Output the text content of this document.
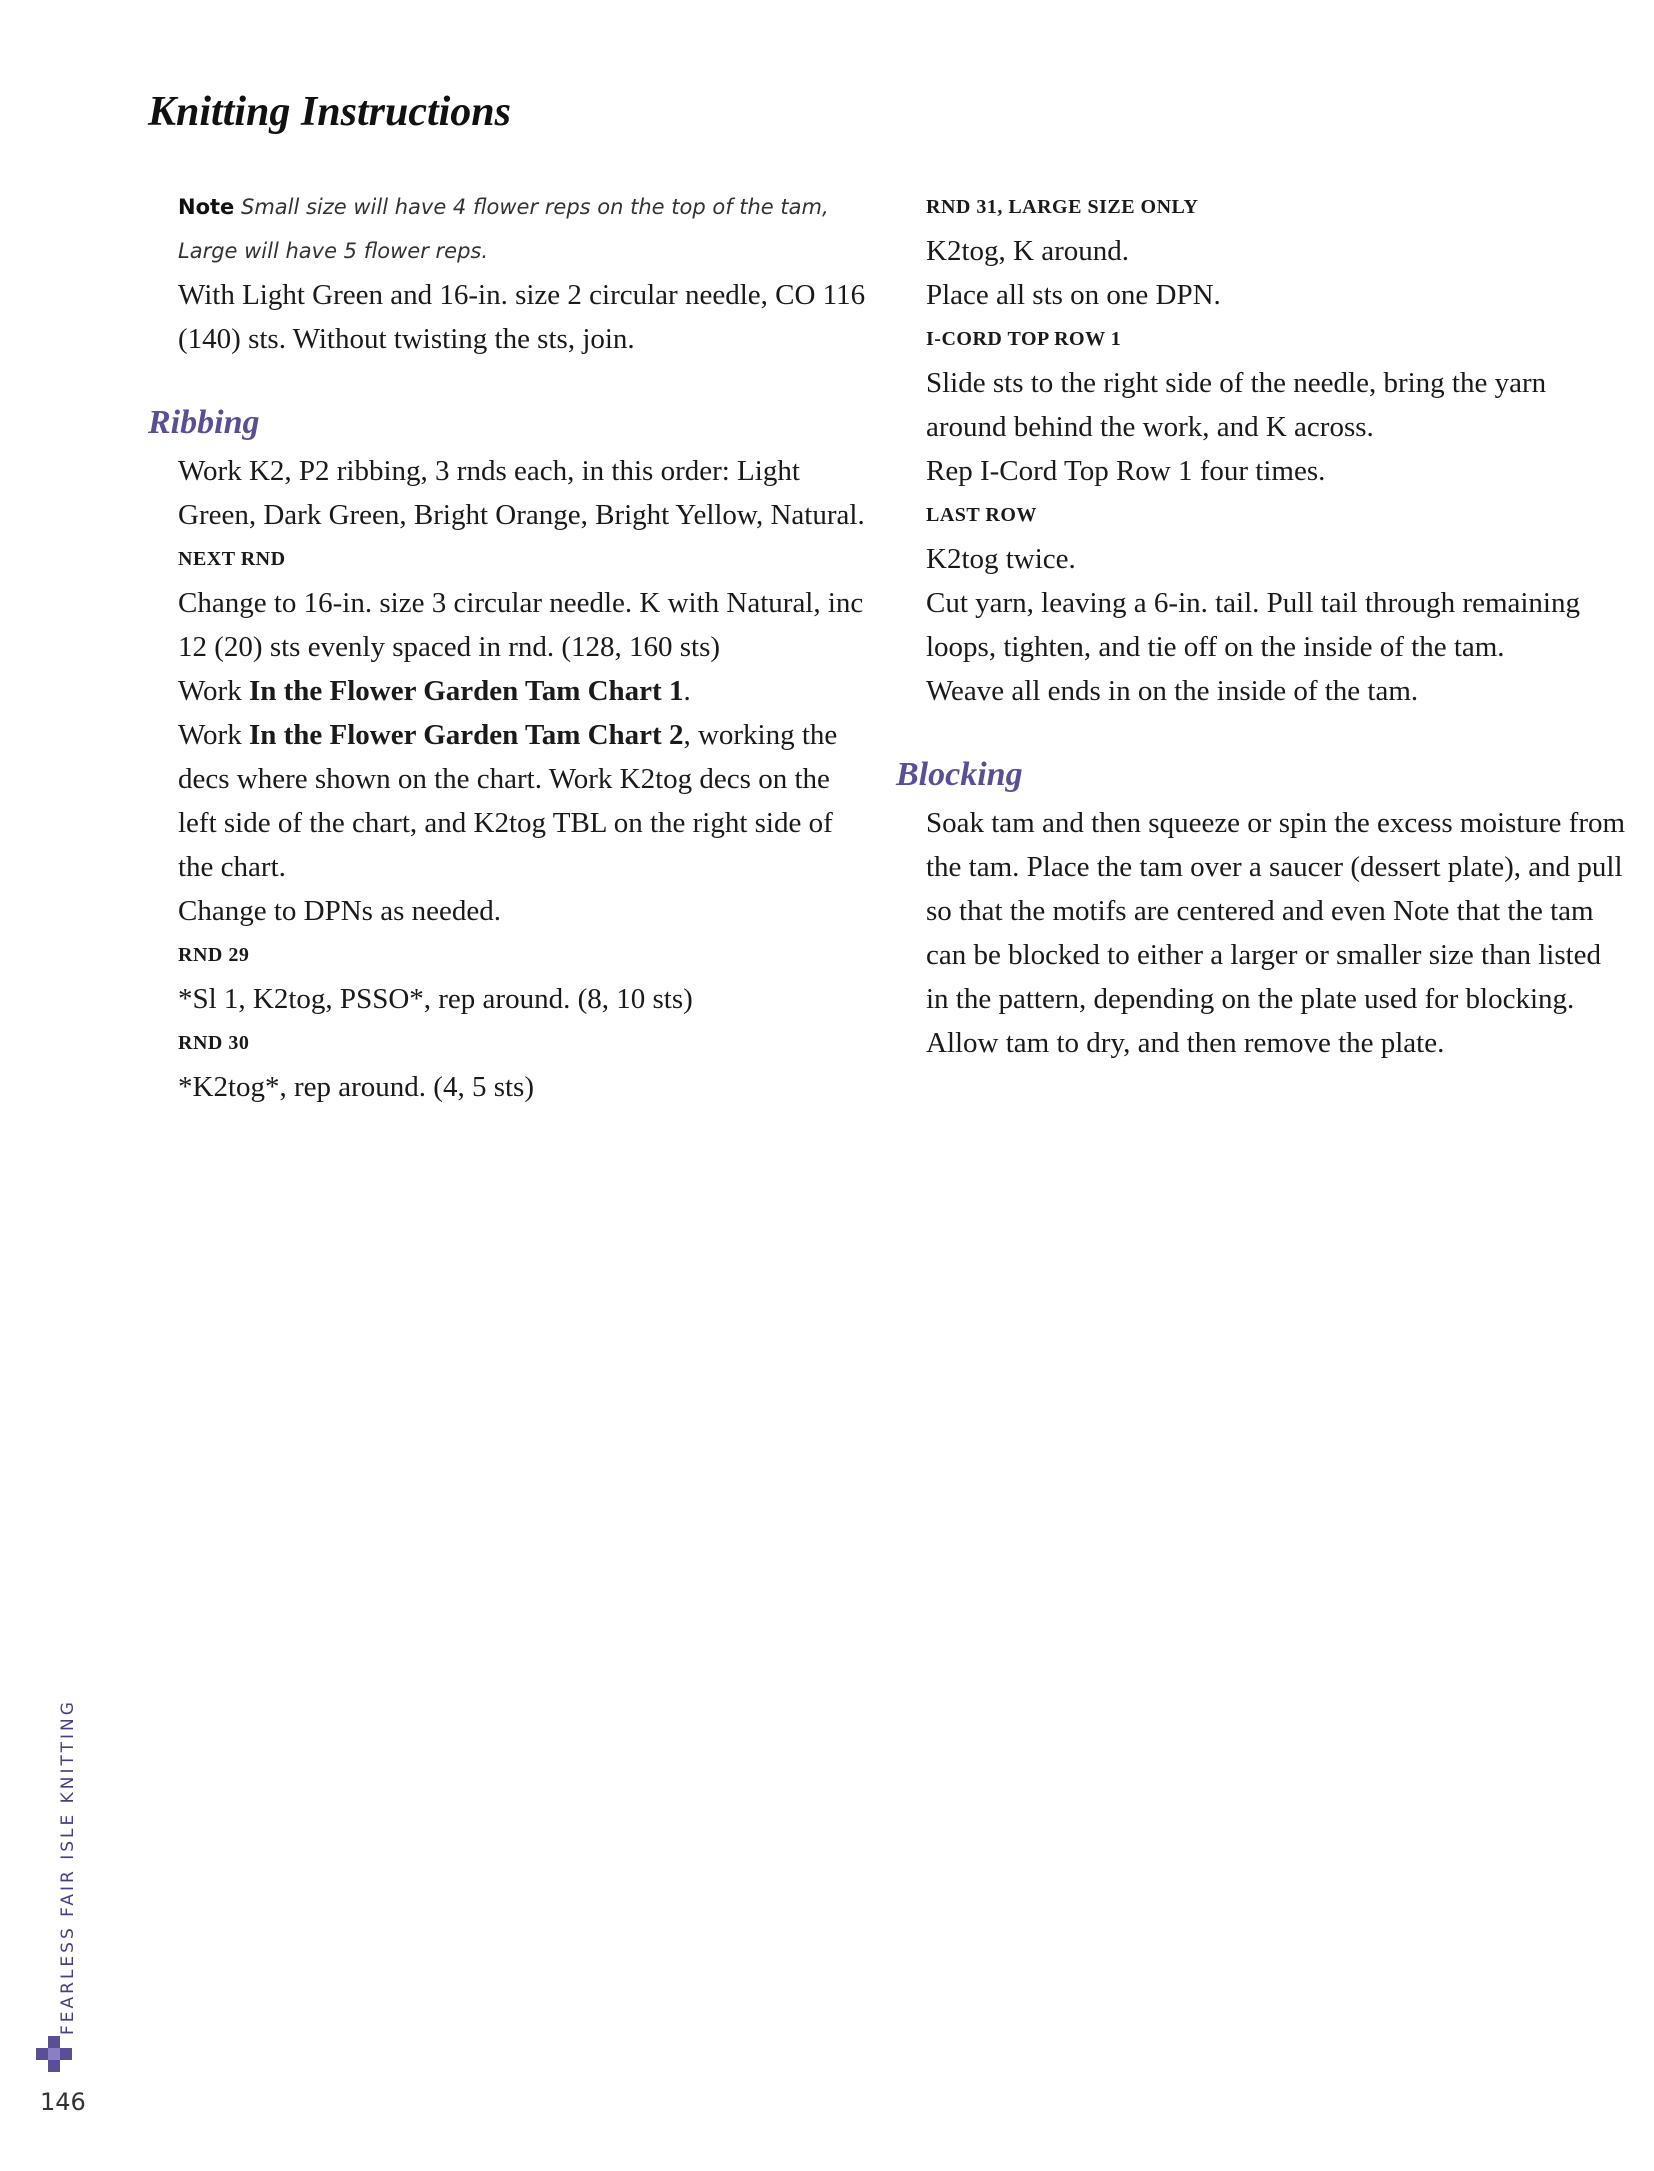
Knitting Instructions

Note Small size will have 4 flower reps on the top of the tam,
Large will have 5 flower reps.

With Light Green and 16-in. size 2 circular needle, CO 116 (140) sts. Without twisting the sts, join.

Ribbing

Work K2, P2 ribbing, 3 rnds each, in this order: Light Green, Dark Green, Bright Orange, Bright Yellow, Natural.

NEXT RND

Change to 16-in. size 3 circular needle. K with Natural, inc 12 (20) sts evenly spaced in rnd. (128, 160 sts)

Work In the Flower Garden Tam Chart 1.

Work In the Flower Garden Tam Chart 2, working the decs where shown on the chart. Work K2tog decs on the left side of the chart, and K2tog TBL on the right side of the chart.

Change to DPNs as needed.

RND 29

*Sl 1, K2tog, PSSO*, rep around. (8, 10 sts)

RND 30

*K2tog*, rep around. (4, 5 sts)

RND 31, LARGE SIZE ONLY

K2tog, K around.

Place all sts on one DPN.

I-CORD TOP ROW 1

Slide sts to the right side of the needle, bring the yarn around behind the work, and K across.

Rep I-Cord Top Row 1 four times.

LAST ROW

K2tog twice.

Cut yarn, leaving a 6-in. tail. Pull tail through remaining loops, tighten, and tie off on the inside of the tam.

Weave all ends in on the inside of the tam.

Blocking

Soak tam and then squeeze or spin the excess moisture from the tam. Place the tam over a saucer (dessert plate), and pull so that the motifs are centered and even Note that the tam can be blocked to either a larger or smaller size than listed in the pattern, depending on the plate used for blocking. Allow tam to dry, and then remove the plate.

FEARLESS FAIR ISLE KNITTING
146
